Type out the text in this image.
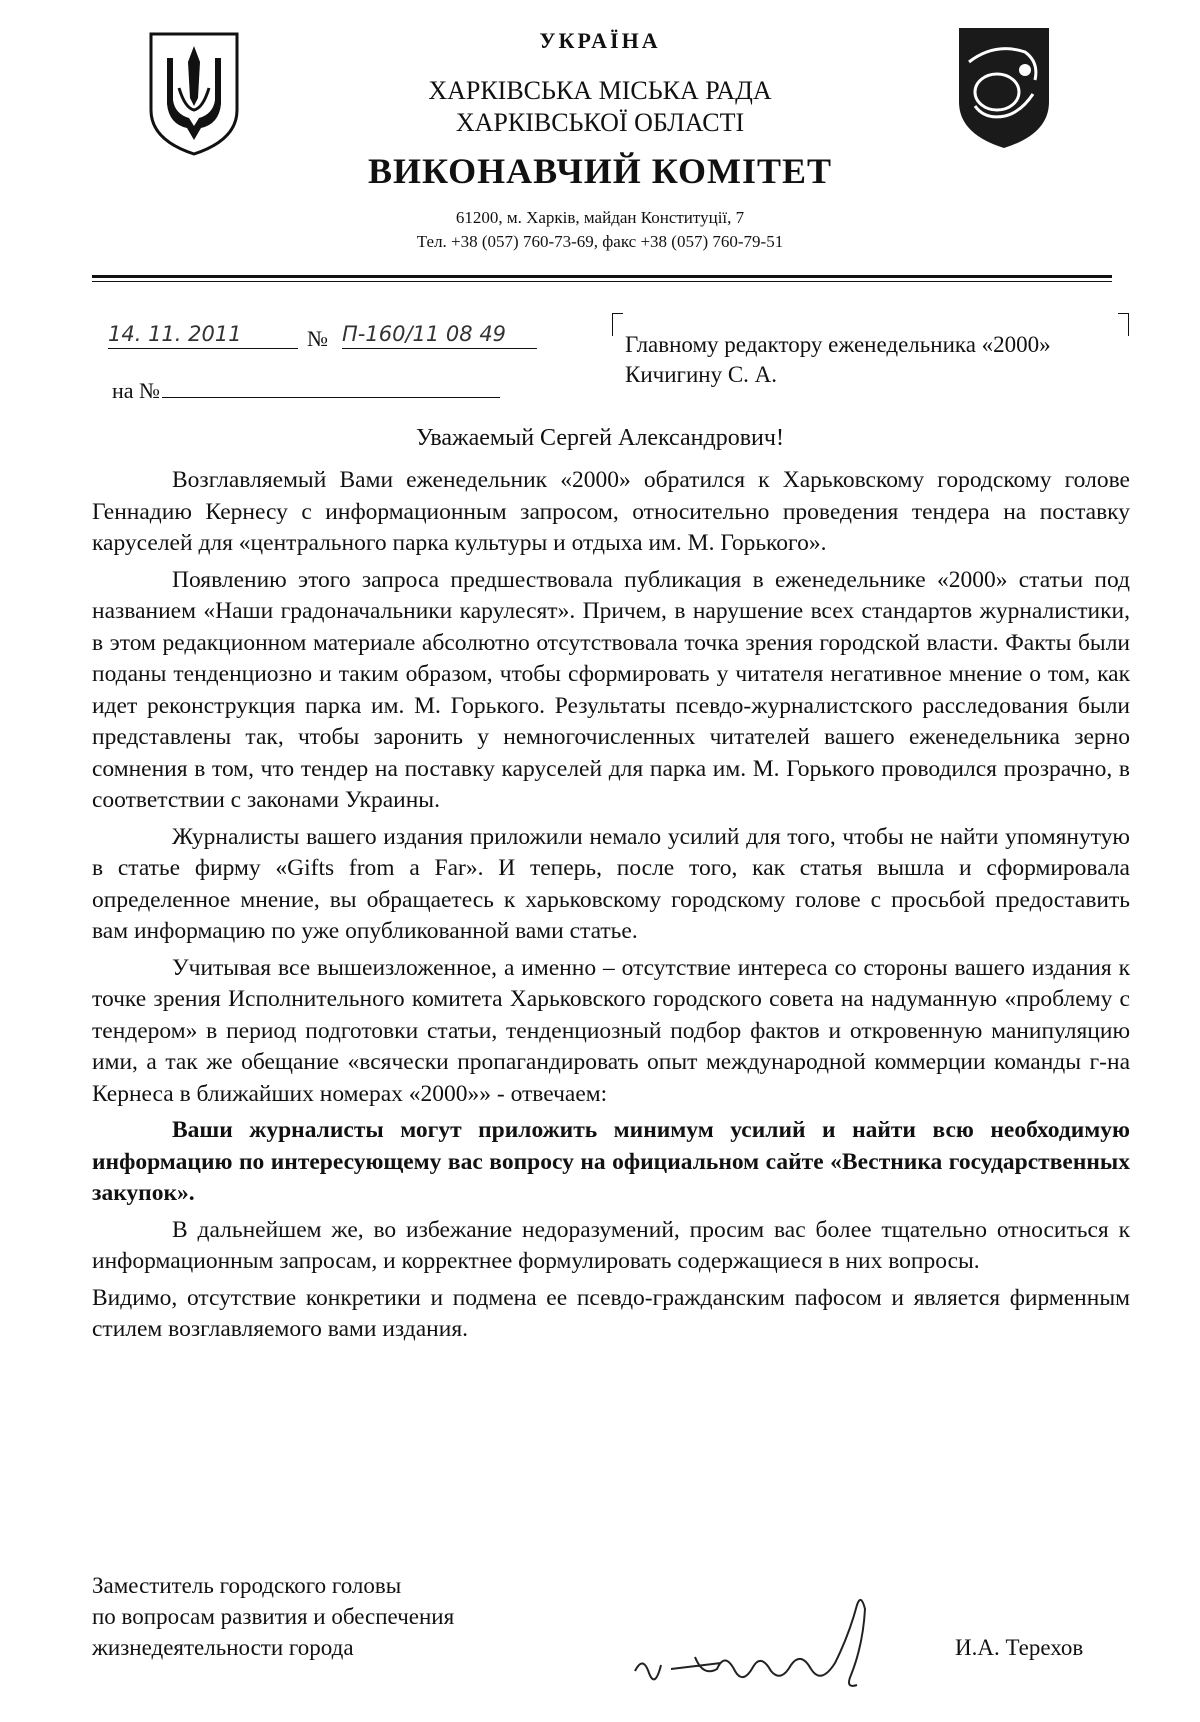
УКРАЇНА
ХАРКІВСЬКА МІСЬКА РАДА
ХАРКІВСЬКОЇ ОБЛАСТІ
ВИКОНАВЧИЙ КОМІТЕТ
61200, м. Харків, майдан Конституції, 7
Тел. +38 (057) 760-73-69, факс +38 (057) 760-79-51
14. 11. 2011	№ П-160/11 08 49
на №
Главному редактору еженедельника «2000»
Кичигину С. А.
Уважаемый Сергей Александрович!

Возглавляемый Вами еженедельник «2000» обратился к Харьковскому городскому голове Геннадию Кернесу с информационным запросом, относительно проведения тендера на поставку каруселей для «центрального парка культуры и отдыха им. М. Горького».

Появлению этого запроса предшествовала публикация в еженедельнике «2000» статьи под названием «Наши градоначальники карулесят». Причем, в нарушение всех стандартов журналистики, в этом редакционном материале абсолютно отсутствовала точка зрения городской власти. Факты были поданы тенденциозно и таким образом, чтобы сформировать у читателя негативное мнение о том, как идет реконструкция парка им. М. Горького. Результаты псевдо-журналистского расследования были представлены так, чтобы заронить у немногочисленных читателей вашего еженедельника зерно сомнения в том, что тендер на поставку каруселей для парка им. М. Горького проводился прозрачно, в соответствии с законами Украины.

Журналисты вашего издания приложили немало усилий для того, чтобы не найти упомянутую в статье фирму «Gifts from a Far». И теперь, после того, как статья вышла и сформировала определенное мнение, вы обращаетесь к харьковскому городскому голове с просьбой предоставить вам информацию по уже опубликованной вами статье.

Учитывая все вышеизложенное, а именно – отсутствие интереса со стороны вашего издания к точке зрения Исполнительного комитета Харьковского городского совета на надуманную «проблему с тендером» в период подготовки статьи, тенденциозный подбор фактов и откровенную манипуляцию ими, а так же обещание «всячески пропагандировать опыт международной коммерции команды г-на Кернеса в ближайших номерах «2000»» - отвечаем:

Ваши журналисты могут приложить минимум усилий и найти всю необходимую информацию по интересующему вас вопросу на официальном сайте «Вестника государственных закупок».

В дальнейшем же, во избежание недоразумений, просим вас более тщательно относиться к информационным запросам, и корректнее формулировать содержащиеся в них вопросы.

Видимо, отсутствие конкретики и подмена ее псевдо-гражданским пафосом и является фирменным стилем возглавляемого вами издания.

Заместитель городского головы
по вопросам развития и обеспечения
жизнедеятельности города	И.А. Терехов
